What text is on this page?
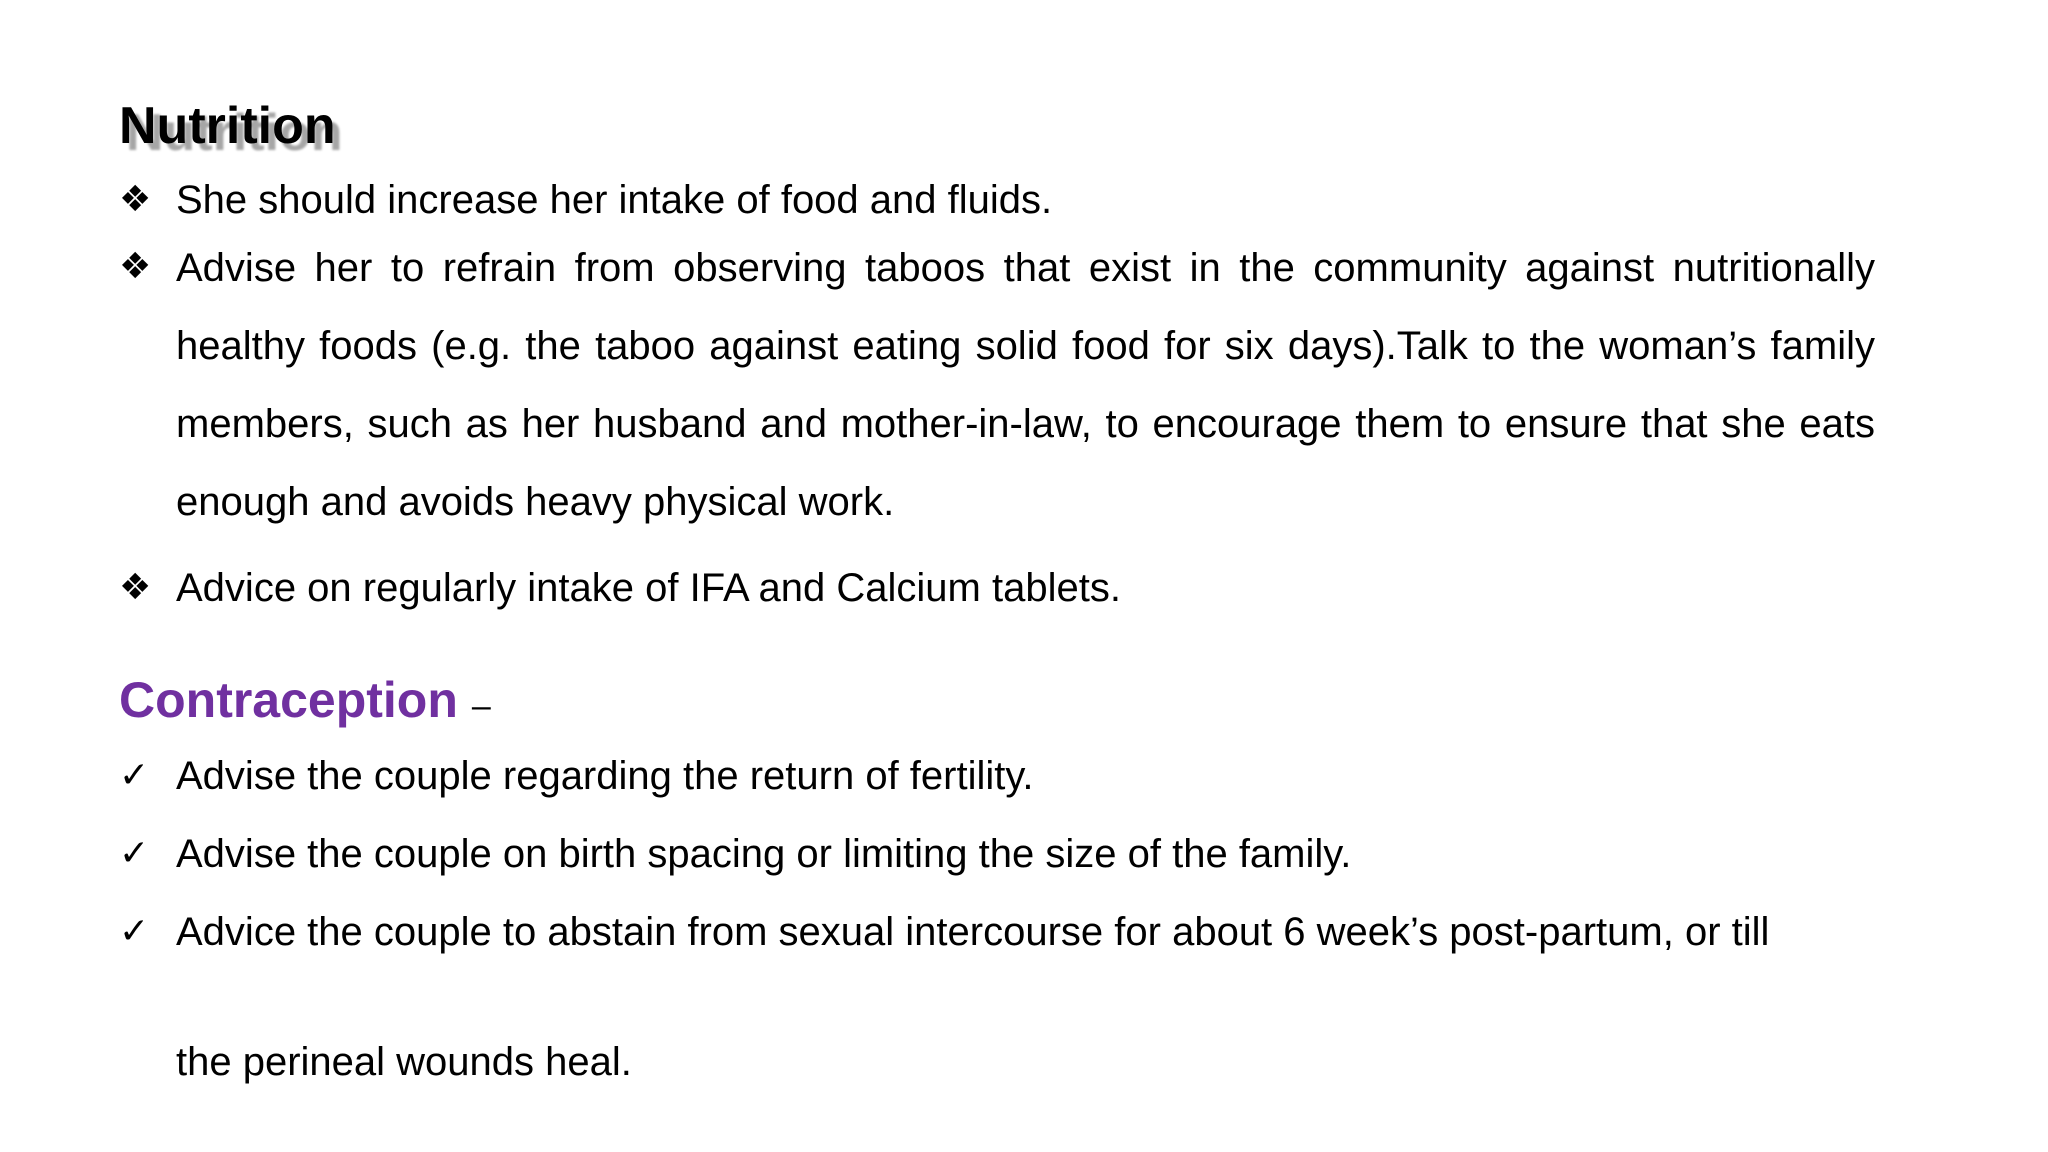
Nutrition
❖ She should increase her intake of food and fluids.
❖ Advise her to refrain from observing taboos that exist in the community against nutritionally healthy foods (e.g. the taboo against eating solid food for six days).Talk to the woman’s family members, such as her husband and mother-in-law, to encourage them to ensure that she eats enough and avoids heavy physical work.
❖ Advice on regularly intake of IFA and Calcium tablets.
Contraception –
✓ Advise the couple regarding the return of fertility.
✓ Advise the couple on birth spacing or limiting the size of the family.
✓ Advice the couple to abstain from sexual intercourse for about 6 week’s post-partum, or till
the perineal wounds heal.
